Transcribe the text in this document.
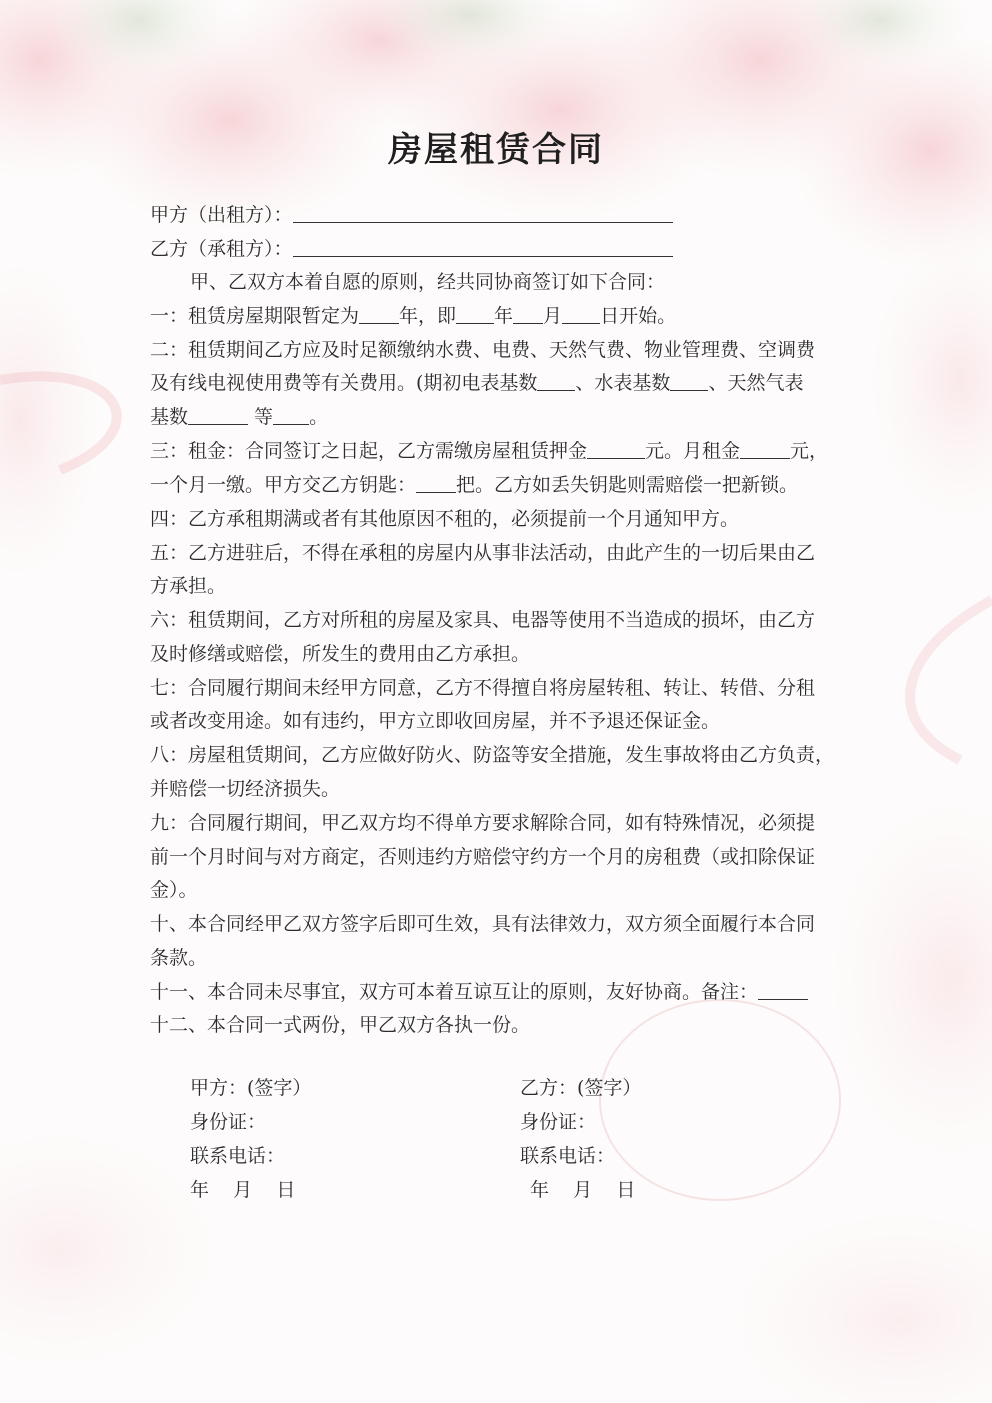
房屋租赁合同
甲方（出租方）：
乙方（承租方）：
甲、乙双方本着自愿的原则，经共同协商签订如下合同：
一：租赁房屋期限暂定为 年，即 年 月 日开始。
二：租赁期间乙方应及时足额缴纳水费、电费、天然气费、物业管理费、空调费
及有线电视使用费等有关费用。(期初电表基数 、水表基数 、天然气表
基数	等 。
三：租金：合同签订之日起，乙方需缴房屋租赁押金	元。月租金	元，
一个月一缴。甲方交乙方钥匙： 把。乙方如丢失钥匙则需赔偿一把新锁。
四：乙方承租期满或者有其他原因不租的，必须提前一个月通知甲方。
五：乙方进驻后，不得在承租的房屋内从事非法活动，由此产生的一切后果由乙
方承担。
六：租赁期间，乙方对所租的房屋及家具、电器等使用不当造成的损坏，由乙方
及时修缮或赔偿，所发生的费用由乙方承担。
七：合同履行期间未经甲方同意，乙方不得擅自将房屋转租、转让、转借、分租
或者改变用途。如有违约，甲方立即收回房屋，并不予退还保证金。
八：房屋租赁期间，乙方应做好防火、防盗等安全措施，发生事故将由乙方负责，
并赔偿一切经济损失。
九：合同履行期间，甲乙双方均不得单方要求解除合同，如有特殊情况，必须提
前一个月时间与对方商定，否则违约方赔偿守约方一个月的房租费（或扣除保证
金）。
十、本合同经甲乙双方签字后即可生效，具有法律效力，双方须全面履行本合同
条款。
十一、本合同未尽事宜，双方可本着互谅互让的原则，友好协商。备注：
十二、本合同一式两份，甲乙双方各执一份。
甲方：(签字）
身份证：
联系电话：
年    月    日
乙方：(签字）
身份证：
联系电话：
年    月    日
